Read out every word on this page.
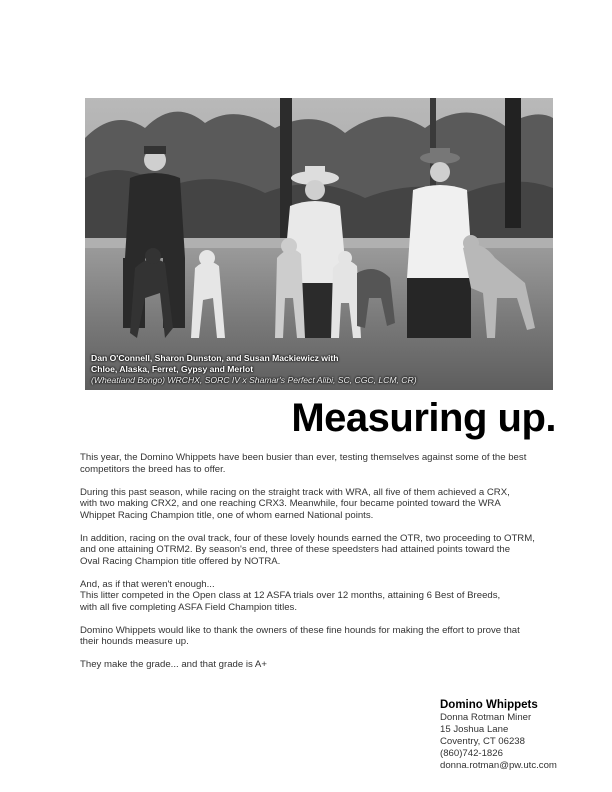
Dan O'Connell, Sharon Dunston, and Susan Mackiewicz with
Chloe, Alaska, Ferret, Gypsy and Merlot
(Wheatland Bongo) WRCHX, SORC IV x Shamar's Perfect Alibi, SC, CGC, LCM, CR)
Measuring up.

This year, the Domino Whippets have been busier than ever, testing themselves against some of the best
competitors the breed has to offer.

During this past season, while racing on the straight track with WRA, all five of them achieved a CRX,
with two making CRX2, and one reaching CRX3. Meanwhile, four became pointed toward the WRA
Whippet Racing Champion title, one of whom earned National points.

In addition, racing on the oval track, four of these lovely hounds earned the OTR, two proceeding to OTRM,
and one attaining OTRM2. By season's end, three of these speedsters had attained points toward the
Oval Racing Champion title offered by NOTRA.

And, as if that weren't enough...
This litter competed in the Open class at 12 ASFA trials over 12 months, attaining 6 Best of Breeds,
with all five completing ASFA Field Champion titles.

Domino Whippets would like to thank the owners of these fine hounds for making the effort to prove that
their hounds measure up.

They make the grade... and that grade is A+

Domino Whippets
Donna Rotman Miner
15 Joshua Lane
Coventry, CT 06238
(860)742-1826
donna.rotman@pw.utc.com
